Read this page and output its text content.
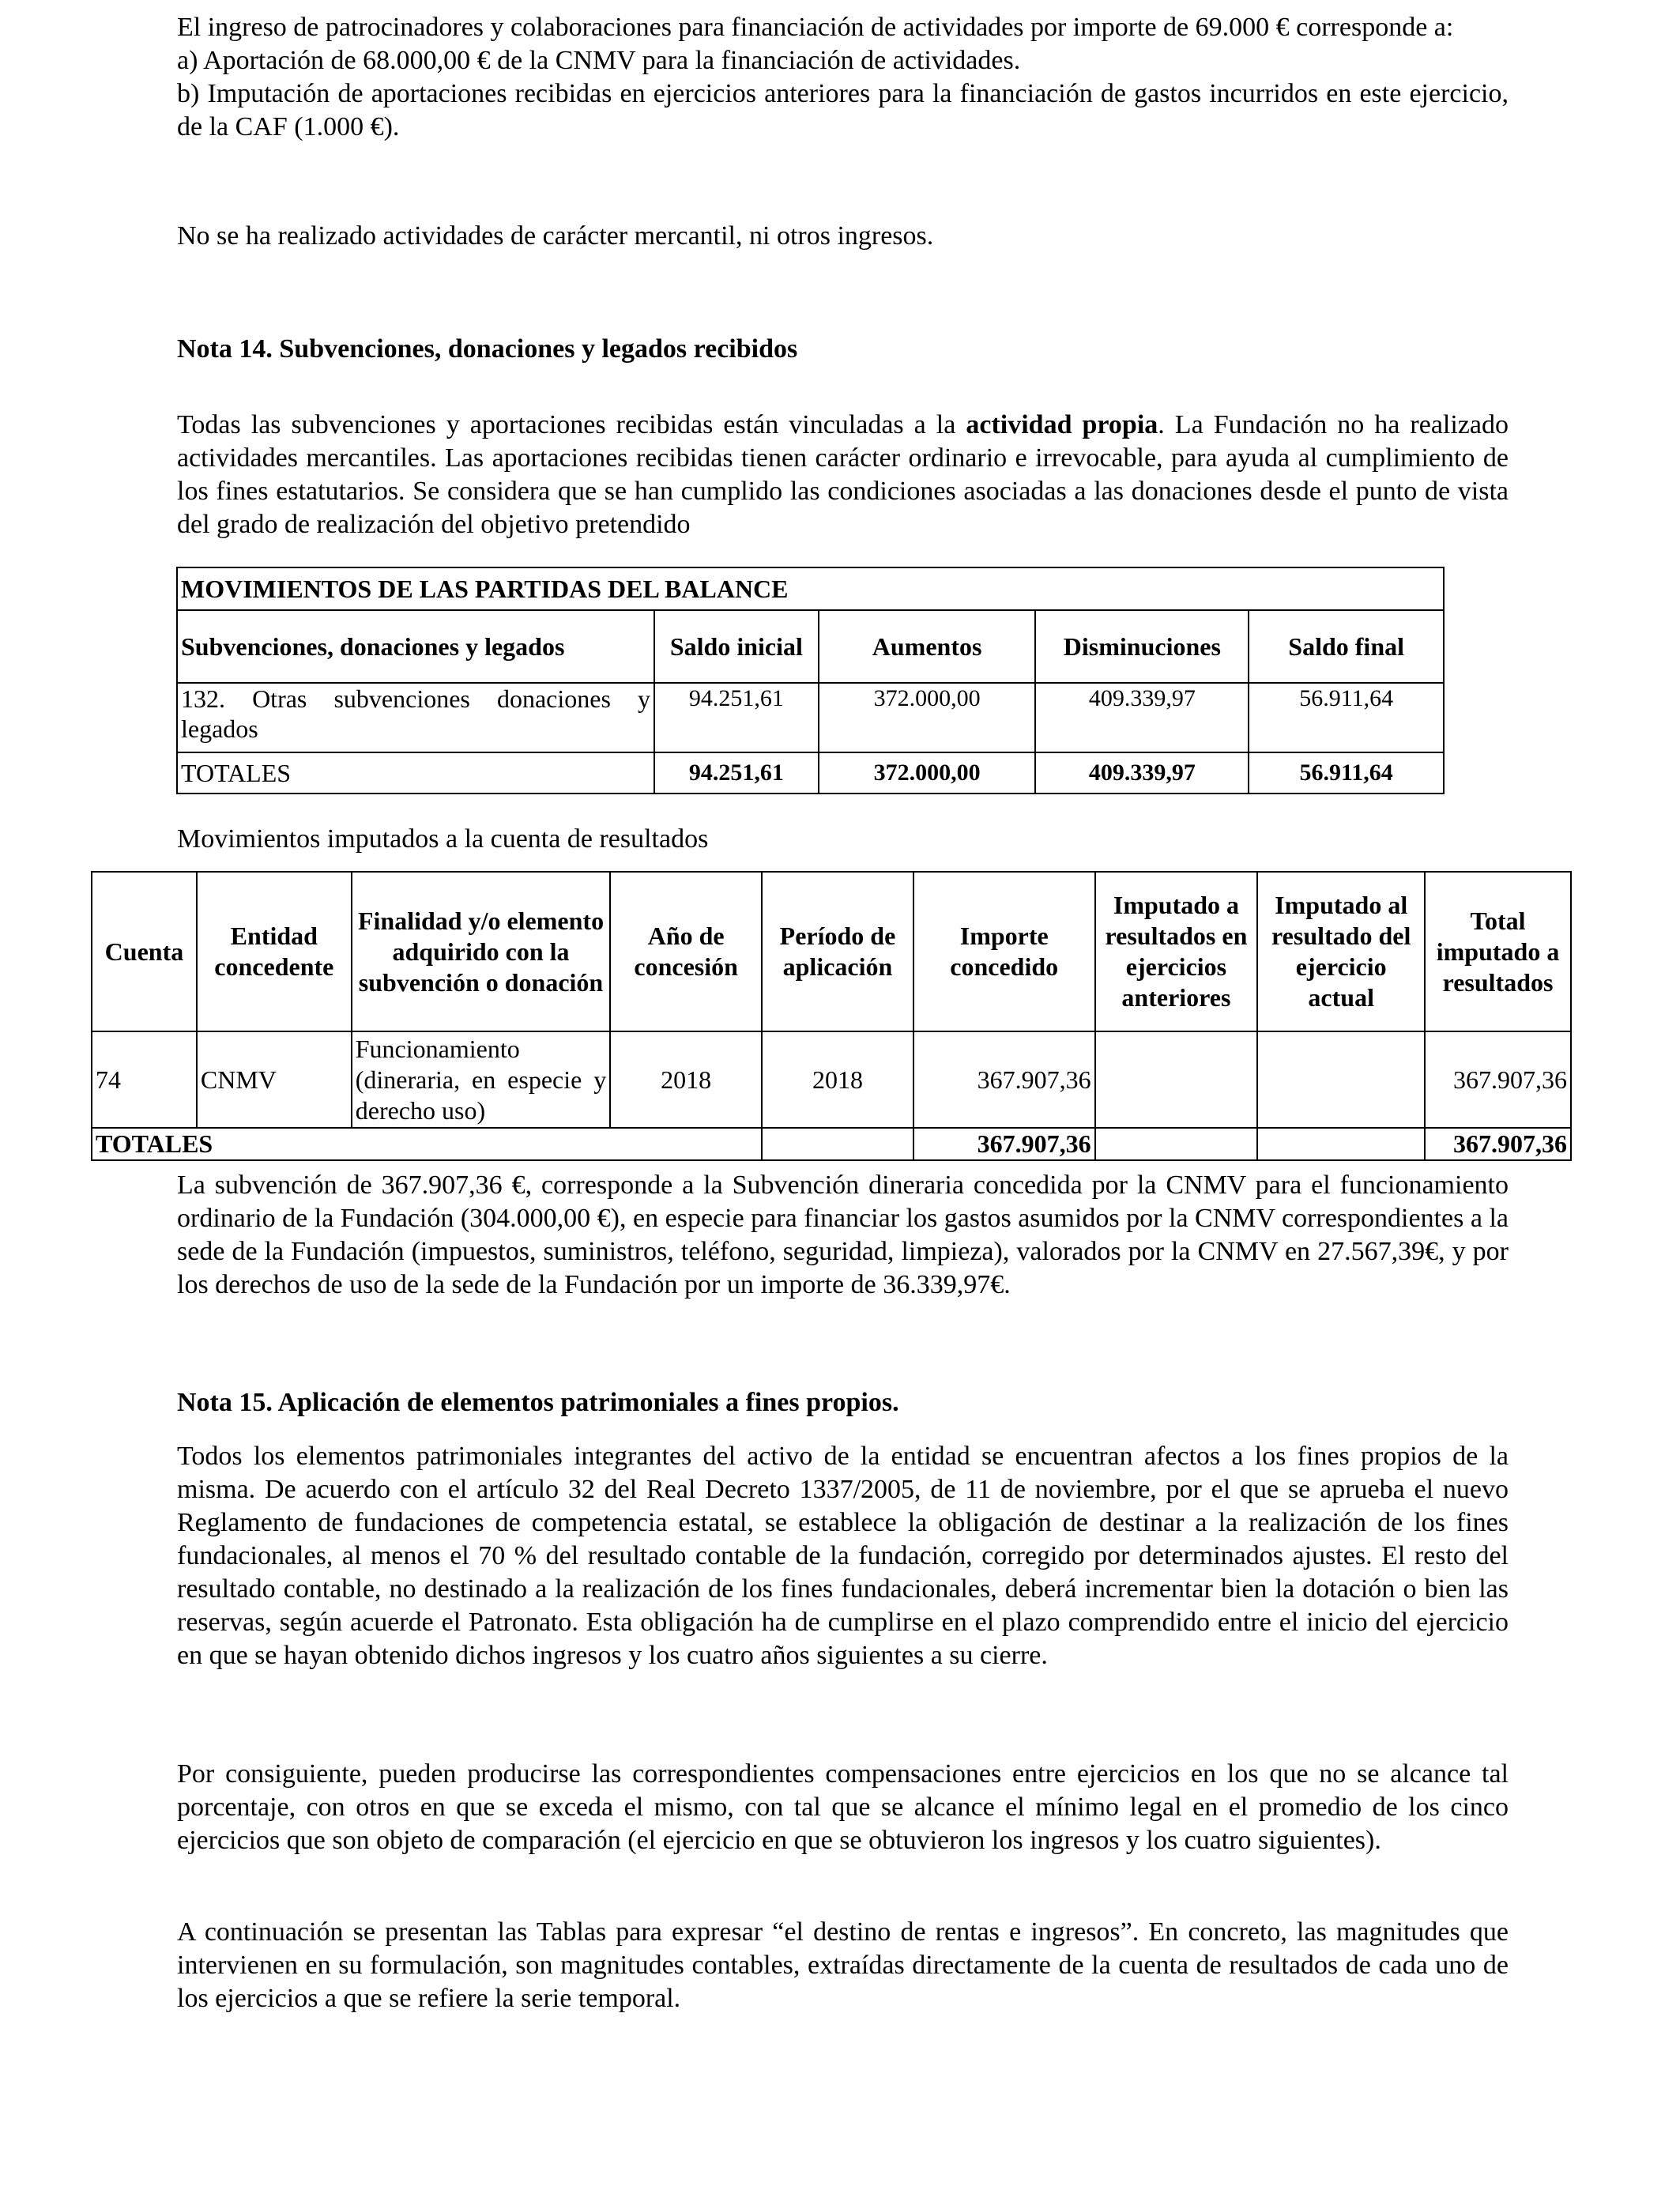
El ingreso de patrocinadores y colaboraciones para financiación de actividades por importe de 69.000 € corresponde a:

a) Aportación de 68.000,00 € de la CNMV para la financiación de actividades.

b) Imputación de aportaciones recibidas en ejercicios anteriores para la financiación de gastos incurridos en este ejercicio, de la CAF (1.000 €).

No se ha realizado actividades de carácter mercantil, ni otros ingresos.

Nota 14. Subvenciones, donaciones y legados recibidos

Todas las subvenciones y aportaciones recibidas están vinculadas a la actividad propia. La Fundación no ha realizado actividades mercantiles. Las aportaciones recibidas tienen carácter ordinario e irrevocable, para ayuda al cumplimiento de los fines estatutarios. Se considera que se han cumplido las condiciones asociadas a las donaciones desde el punto de vista del grado de realización del objetivo pretendido

MOVIMIENTOS DE LAS PARTIDAS DEL BALANCE				
Subvenciones, donaciones y legados	Saldo inicial	Aumentos	Disminuciones	Saldo final
132. Otras subvenciones donaciones y legados	94.251,61	372.000,00	409.339,97	56.911,64
TOTALES	94.251,61	372.000,00	409.339,97	56.911,64

Movimientos imputados a la cuenta de resultados

Cuenta	Entidad concedente	Finalidad y/o elemento adquirido con la subvención o donación	Año de concesión	Período de aplicación	Importe concedido	Imputado a resultados en ejercicios anteriores	Imputado al resultado del ejercicio actual	Total imputado a resultados
74	CNMV	Funcionamiento (dineraria, en especie y derecho uso)	2018	2018	367.907,36			367.907,36
TOTALES					367.907,36			367.907,36

La subvención de 367.907,36 €, corresponde a la Subvención dineraria concedida por la CNMV para el funcionamiento ordinario de la Fundación (304.000,00 €), en especie para financiar los gastos asumidos por la CNMV correspondientes a la sede de la Fundación (impuestos, suministros, teléfono, seguridad, limpieza), valorados por la CNMV en 27.567,39€, y por los derechos de uso de la sede de la Fundación por un importe de 36.339,97€.

Nota 15. Aplicación de elementos patrimoniales a fines propios.

Todos los elementos patrimoniales integrantes del activo de la entidad se encuentran afectos a los fines propios de la misma. De acuerdo con el artículo 32 del Real Decreto 1337/2005, de 11 de noviembre, por el que se aprueba el nuevo Reglamento de fundaciones de competencia estatal, se establece la obligación de destinar a la realización de los fines fundacionales, al menos el 70 % del resultado contable de la fundación, corregido por determinados ajustes. El resto del resultado contable, no destinado a la realización de los fines fundacionales, deberá incrementar bien la dotación o bien las reservas, según acuerde el Patronato. Esta obligación ha de cumplirse en el plazo comprendido entre el inicio del ejercicio en que se hayan obtenido dichos ingresos y los cuatro años siguientes a su cierre.

Por consiguiente, pueden producirse las correspondientes compensaciones entre ejercicios en los que no se alcance tal porcentaje, con otros en que se exceda el mismo, con tal que se alcance el mínimo legal en el promedio de los cinco ejercicios que son objeto de comparación (el ejercicio en que se obtuvieron los ingresos y los cuatro siguientes).

A continuación se presentan las Tablas para expresar “el destino de rentas e ingresos”. En concreto, las magnitudes que intervienen en su formulación, son magnitudes contables, extraídas directamente de la cuenta de resultados de cada uno de los ejercicios a que se refiere la serie temporal.
